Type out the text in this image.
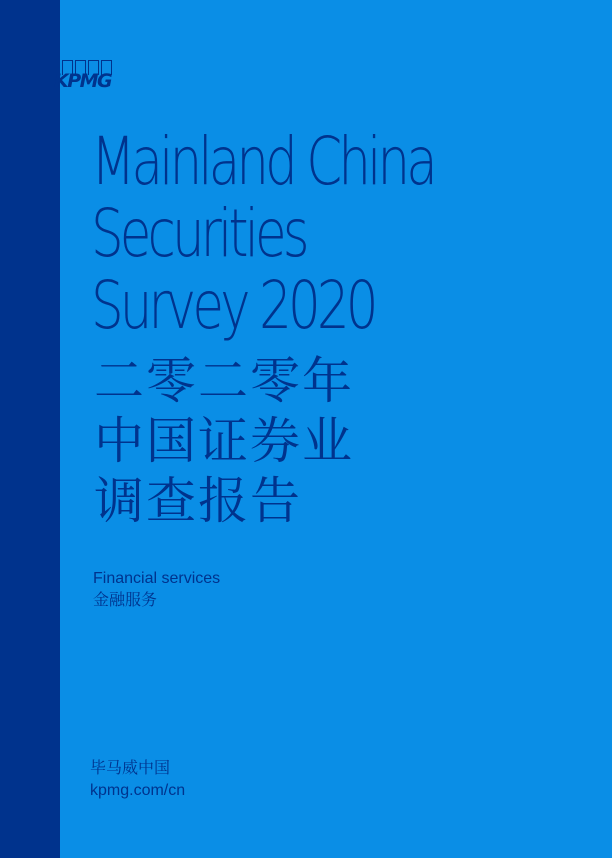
KPMG
Mainland China
Securities
Survey 2020
二零二零年
中国证券业
调查报告
Financial services
金融服务
毕马威中国
kpmg.com/cn
